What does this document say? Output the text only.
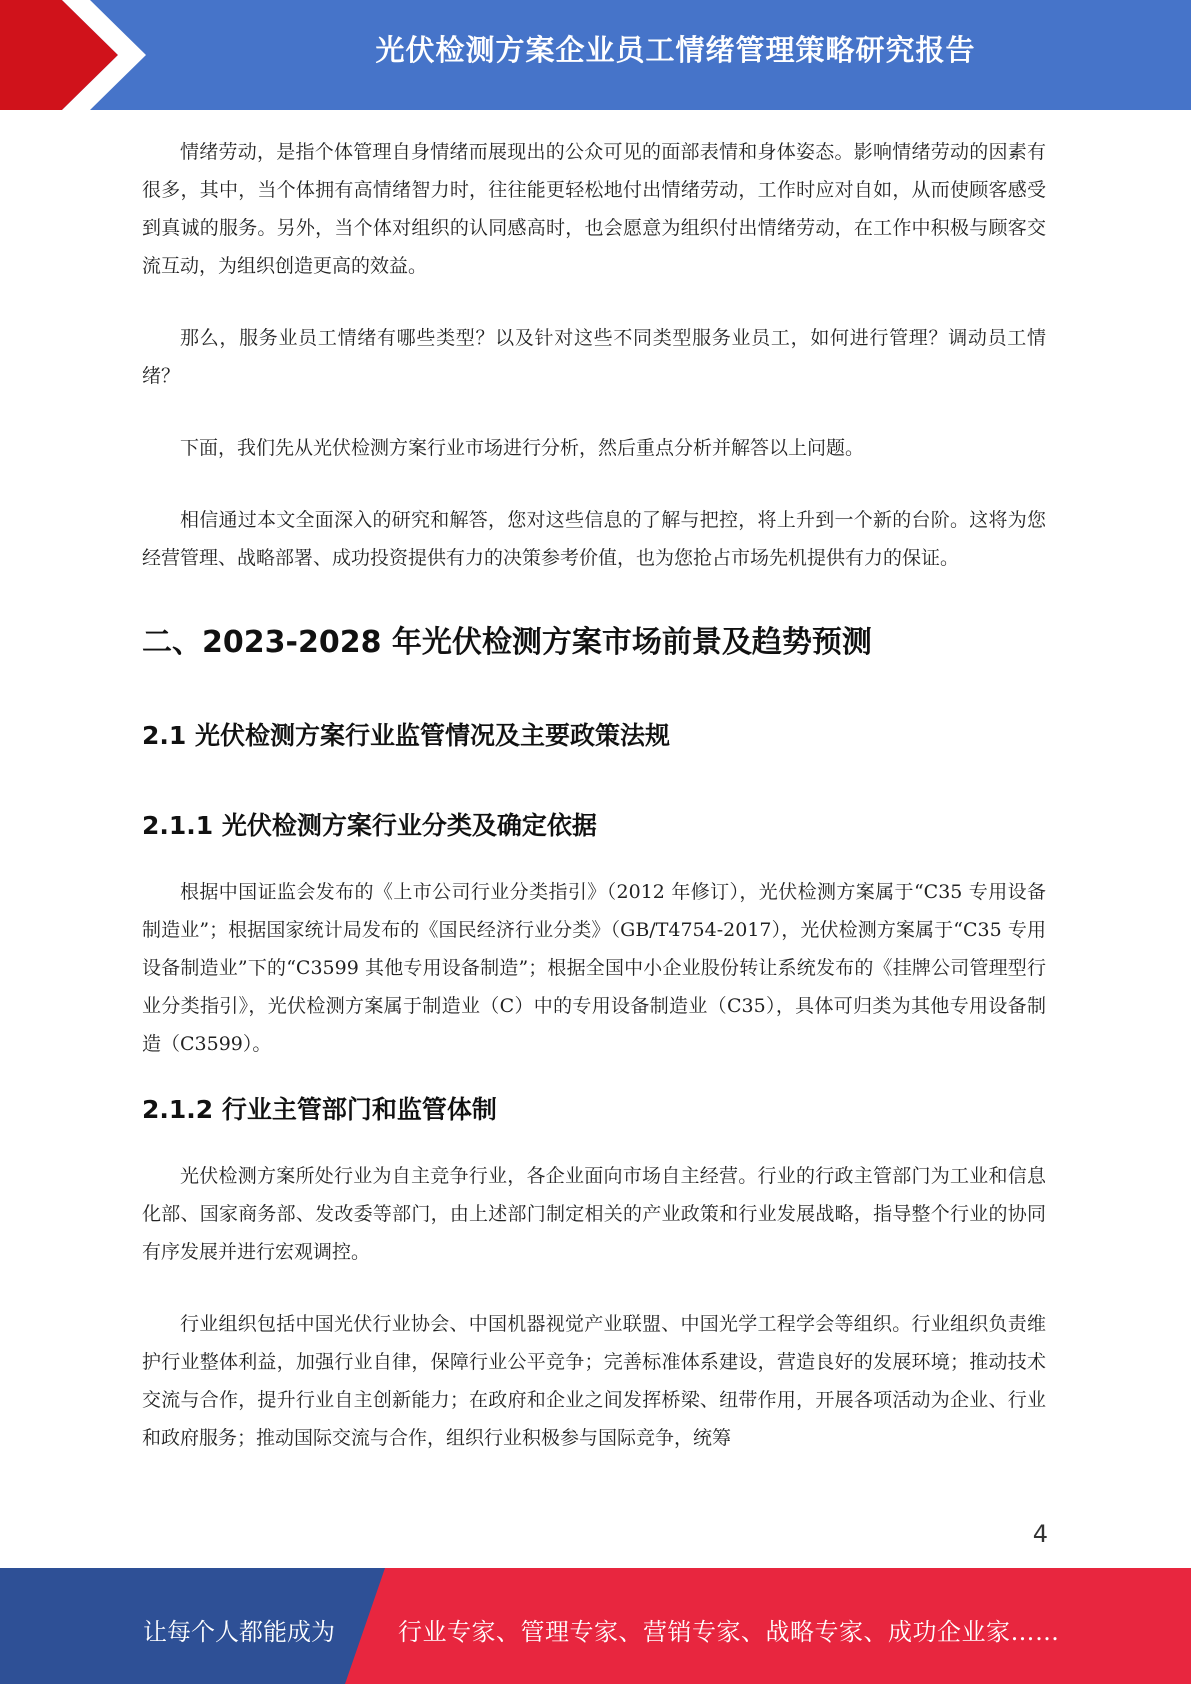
光伏检测方案企业员工情绪管理策略研究报告

情绪劳动，是指个体管理自身情绪而展现出的公众可见的面部表情和身体姿态。影响情绪劳动的因素有很多，其中，当个体拥有高情绪智力时，往往能更轻松地付出情绪劳动，工作时应对自如，从而使顾客感受到真诚的服务。另外，当个体对组织的认同感高时，也会愿意为组织付出情绪劳动，在工作中积极与顾客交流互动，为组织创造更高的效益。

那么，服务业员工情绪有哪些类型？以及针对这些不同类型服务业员工，如何进行管理？调动员工情绪？

下面，我们先从光伏检测方案行业市场进行分析，然后重点分析并解答以上问题。

相信通过本文全面深入的研究和解答，您对这些信息的了解与把控，将上升到一个新的台阶。这将为您经营管理、战略部署、成功投资提供有力的决策参考价值，也为您抢占市场先机提供有力的保证。

二、2023-2028 年光伏检测方案市场前景及趋势预测
2.1 光伏检测方案行业监管情况及主要政策法规
2.1.1 光伏检测方案行业分类及确定依据

根据中国证监会发布的《上市公司行业分类指引》（2012 年修订），光伏检测方案属于“C35 专用设备制造业”；根据国家统计局发布的《国民经济行业分类》（GB/T4754-2017），光伏检测方案属于“C35 专用设备制造业”下的“C3599 其他专用设备制造”；根据全国中小企业股份转让系统发布的《挂牌公司管理型行业分类指引》，光伏检测方案属于制造业（C）中的专用设备制造业（C35），具体可归类为其他专用设备制造（C3599）。

2.1.2 行业主管部门和监管体制

光伏检测方案所处行业为自主竞争行业，各企业面向市场自主经营。行业的行政主管部门为工业和信息化部、国家商务部、发改委等部门，由上述部门制定相关的产业政策和行业发展战略，指导整个行业的协同有序发展并进行宏观调控。

行业组织包括中国光伏行业协会、中国机器视觉产业联盟、中国光学工程学会等组织。行业组织负责维护行业整体利益，加强行业自律，保障行业公平竞争；完善标准体系建设，营造良好的发展环境；推动技术交流与合作，提升行业自主创新能力；在政府和企业之间发挥桥梁、纽带作用，开展各项活动为企业、行业和政府服务；推动国际交流与合作，组织行业积极参与国际竞争，统筹

4
让每个人都能成为	行业专家、管理专家、营销专家、战略专家、成功企业家……
